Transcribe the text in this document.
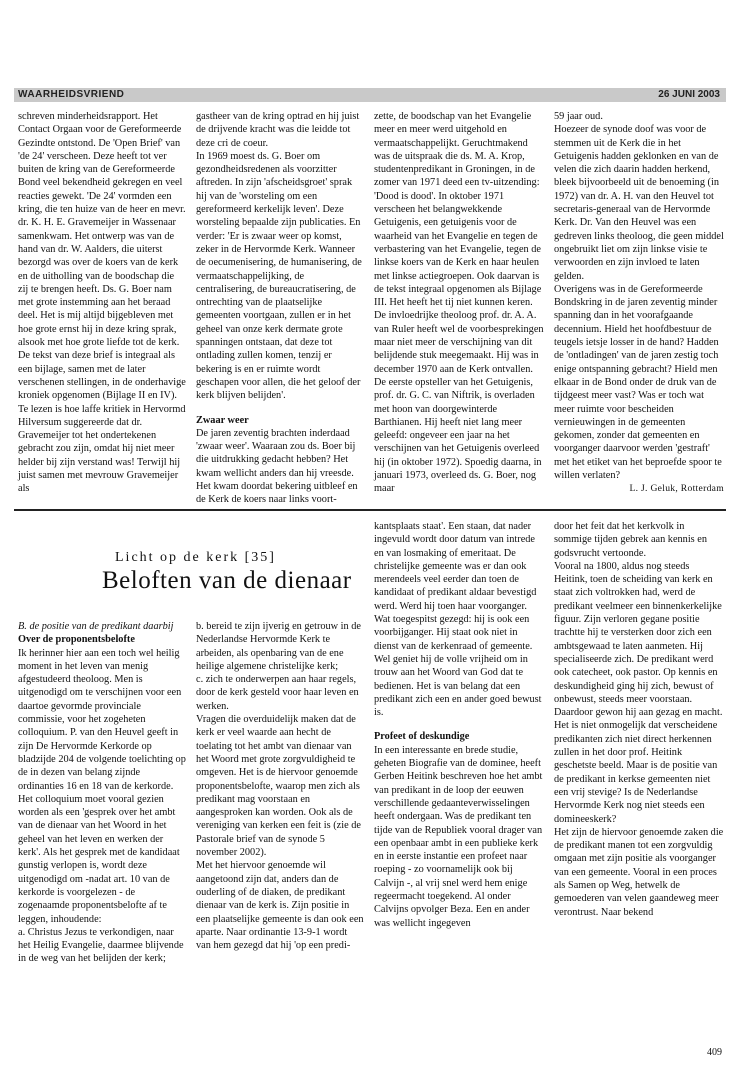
WAARHEIDSVRIEND	26 JUNI 2003

schreven minderheidsrapport. Het Contact Orgaan voor de Gereformeerde Gezindte ontstond. De 'Open Brief' van 'de 24' verscheen. Deze heeft tot ver buiten de kring van de Gereformeerde Bond veel bekendheid gekregen en veel reacties gewekt. 'De 24' vormden een kring, die ten huize van de heer en mevr. dr. K. H. E. Gravemeijer in Wassenaar samenkwam. Het ontwerp was van de hand van dr. W. Aalders, die uiterst bezorgd was over de koers van de kerk en de uitholling van de boodschap die zij te brengen heeft. Ds. G. Boer nam met grote instemming aan het beraad deel. Het is mij altijd bijgebleven met hoe grote ernst hij in deze kring sprak, alsook met hoe grote liefde tot de kerk.

De tekst van deze brief is integraal als een bijlage, samen met de later verschenen stellingen, in de onderhavige kroniek opgenomen (Bijlage II en IV). Te lezen is hoe laffe kritiek in Hervormd Hilversum suggereerde dat dr. Gravemeijer tot het ondertekenen gebracht zou zijn, omdat hij niet meer helder bij zijn verstand was! Terwijl hij juist samen met mevrouw Gravemeijer als

gastheer van de kring optrad en hij juist de drijvende kracht was die leidde tot deze cri de coeur.

In 1969 moest ds. G. Boer om gezondheidsredenen als voorzitter aftreden. In zijn 'afscheidsgroet' sprak hij van de 'worsteling om een gereformeerd kerkelijk leven'. Deze worsteling bepaalde zijn publicaties. En verder: 'Er is zwaar weer op komst, zeker in de Hervormde Kerk. Wanneer de oecumenisering, de humanisering, de vermaatschappelijking, de centralisering, de bureaucratisering, de ontrechting van de plaatselijke gemeenten voortgaan, zullen er in het geheel van onze kerk dermate grote spanningen ontstaan, dat deze tot ontlading zullen komen, tenzij er bekering is en er ruimte wordt geschapen voor allen, die het geloof der kerk blijven belijden'.

Zwaar weer

De jaren zeventig brachten inderdaad 'zwaar weer'. Waaraan zou ds. Boer bij die uitdrukking gedacht hebben? Het kwam wellicht anders dan hij vreesde. Het kwam doordat bekering uitbleef en de Kerk de koers naar links voort-

zette, de boodschap van het Evangelie meer en meer werd uitgehold en vermaatschappelijkt. Geruchtmakend was de uitspraak die ds. M. A. Krop, studentenpredikant in Groningen, in de zomer van 1971 deed een tv-uitzending: 'Dood is dood'. In oktober 1971 verscheen het belangwekkende Getuigenis, een getuigenis voor de waarheid van het Evangelie en tegen de verbastering van het Evangelie, tegen de linkse koers van de Kerk en haar heulen met linkse actiegroepen. Ook daarvan is de tekst integraal opgenomen als Bijlage III. Het heeft het tij niet kunnen keren. De invloedrijke theoloog prof. dr. A. A. van Ruler heeft wel de voorbesprekingen maar niet meer de verschijning van dit belijdende stuk meegemaakt. Hij was in december 1970 aan de Kerk ontvallen. De eerste opsteller van het Getuigenis, prof. dr. G. C. van Niftrik, is overladen met hoon van doorgewinterde Barthianen. Hij heeft niet lang meer geleefd: ongeveer een jaar na het verschijnen van het Getuigenis overleed hij (in oktober 1972). Spoedig daarna, in januari 1973, overleed ds. G. Boer, nog maar

59 jaar oud.

Hoezeer de synode doof was voor de stemmen uit de Kerk die in het Getuigenis hadden geklonken en van de velen die zich daarin hadden herkend, bleek bijvoorbeeld uit de benoeming (in 1972) van dr. A. H. van den Heuvel tot secretaris-generaal van de Hervormde Kerk. Dr. Van den Heuvel was een gedreven links theoloog, die geen middel ongebruikt liet om zijn linkse visie te verwoorden en zijn invloed te laten gelden.

Overigens was in de Gereformeerde Bondskring in de jaren zeventig minder spanning dan in het voorafgaande decennium. Hield het hoofdbestuur de teugels ietsje losser in de hand? Hadden de 'ontladingen' van de jaren zestig toch enige ontspanning gebracht? Hield men elkaar in de Bond onder de druk van de tijdgeest meer vast? Was er toch wat meer ruimte voor bescheiden vernieuwingen in de gemeenten gekomen, zonder dat gemeenten en voorganger daarvoor werden 'gestraft' met het etiket van het beproefde spoor te willen verlaten?

L. J. Geluk, Rotterdam

Licht op de kerk [35]
Beloften van de dienaar

B. de positie van de predikant daarbij

Over de proponentsbelofte

Ik herinner hier aan een toch wel heilig moment in het leven van menig afgestudeerd theoloog. Men is uitgenodigd om te verschijnen voor een daartoe gevormde provinciale commissie, voor het zogeheten colloquium. P. van den Heuvel geeft in zijn De Hervormde Kerkorde op bladzijde 204 de volgende toelichting op de in dezen van belang zijnde ordinanties 16 en 18 van de kerkorde. Het colloquium moet vooral gezien worden als een 'gesprek over het ambt van de dienaar van het Woord in het geheel van het leven en werken der kerk'. Als het gesprek met de kandidaat gunstig verlopen is, wordt deze uitgenodigd om -nadat art. 10 van de kerkorde is voorgelezen - de zogenaamde proponentsbelofte af te leggen, inhoudende:

a. Christus Jezus te verkondigen, naar het Heilig Evangelie, daarmee blijvende in de weg van het belijden der kerk;

b. bereid te zijn ijverig en getrouw in de Nederlandse Hervormde Kerk te arbeiden, als openbaring van de ene heilige algemene christelijke kerk;

c. zich te onderwerpen aan haar regels, door de kerk gesteld voor haar leven en werken.

Vragen die overduidelijk maken dat de kerk er veel waarde aan hecht de toelating tot het ambt van dienaar van het Woord met grote zorgvuldigheid te omgeven. Het is de hiervoor genoemde proponentsbelofte, waarop men zich als predikant mag voorstaan en aangesproken kan worden. Ook als de vereniging van kerken een feit is (zie de Pastorale brief van de synode 5 november 2002).

Met het hiervoor genoemde wil aangetoond zijn dat, anders dan de ouderling of de diaken, de predikant dienaar van de kerk is. Zijn positie in een plaatselijke gemeente is dan ook een aparte. Naar ordinantie 13-9-1 wordt van hem gezegd dat hij 'op een predi-

kantsplaats staat'. Een staan, dat nader ingevuld wordt door datum van intrede en van losmaking of emeritaat. De christelijke gemeente was er dan ook merendeels veel eerder dan toen de kandidaat of predikant aldaar bevestigd werd. Werd hij toen haar voorganger. Wat toegespitst gezegd: hij is ook een voorbijganger. Hij staat ook niet in dienst van de kerkenraad of gemeente. Wel geniet hij de volle vrijheid om in trouw aan het Woord van God dat te bedienen. Het is van belang dat een predikant zich een en ander goed bewust is.

Profeet of deskundige

In een interessante en brede studie, geheten Biografie van de dominee, heeft Gerben Heitink beschreven hoe het ambt van predikant in de loop der eeuwen verschillende gedaanteverwisselingen heeft ondergaan. Was de predikant ten tijde van de Republiek vooral drager van een openbaar ambt in een publieke kerk en in eerste instantie een profeet naar roeping - zo voornamelijk ook bij Calvijn -, al vrij snel werd hem enige regeermacht toegekend. Al onder Calvijns opvolger Beza. Een en ander was wellicht ingegeven

door het feit dat het kerkvolk in sommige tijden gebrek aan kennis en godsvrucht vertoonde.

Vooral na 1800, aldus nog steeds Heitink, toen de scheiding van kerk en staat zich voltrokken had, werd de predikant veelmeer een binnenkerkelijke figuur. Zijn verloren gegane positie trachtte hij te versterken door zich een ambtsgewaad te laten aanmeten. Hij specialiseerde zich. De predikant werd ook catecheet, ook pastor. Op kennis en deskundigheid ging hij zich, bewust of onbewust, steeds meer voorstaan. Daardoor gewon hij aan gezag en macht.

Het is niet onmogelijk dat verscheidene predikanten zich niet direct herkennen zullen in het door prof. Heitink geschetste beeld. Maar is de positie van de predikant in kerkse gemeenten niet een vrij stevige? Is de Nederlandse Hervormde Kerk nog niet steeds een domineeskerk?

Het zijn de hiervoor genoemde zaken die de predikant manen tot een zorgvuldig omgaan met zijn positie als voorganger van een gemeente. Vooral in een proces als Samen op Weg, hetwelk de gemoederen van velen gaandeweg meer verontrust. Naar bekend

409
